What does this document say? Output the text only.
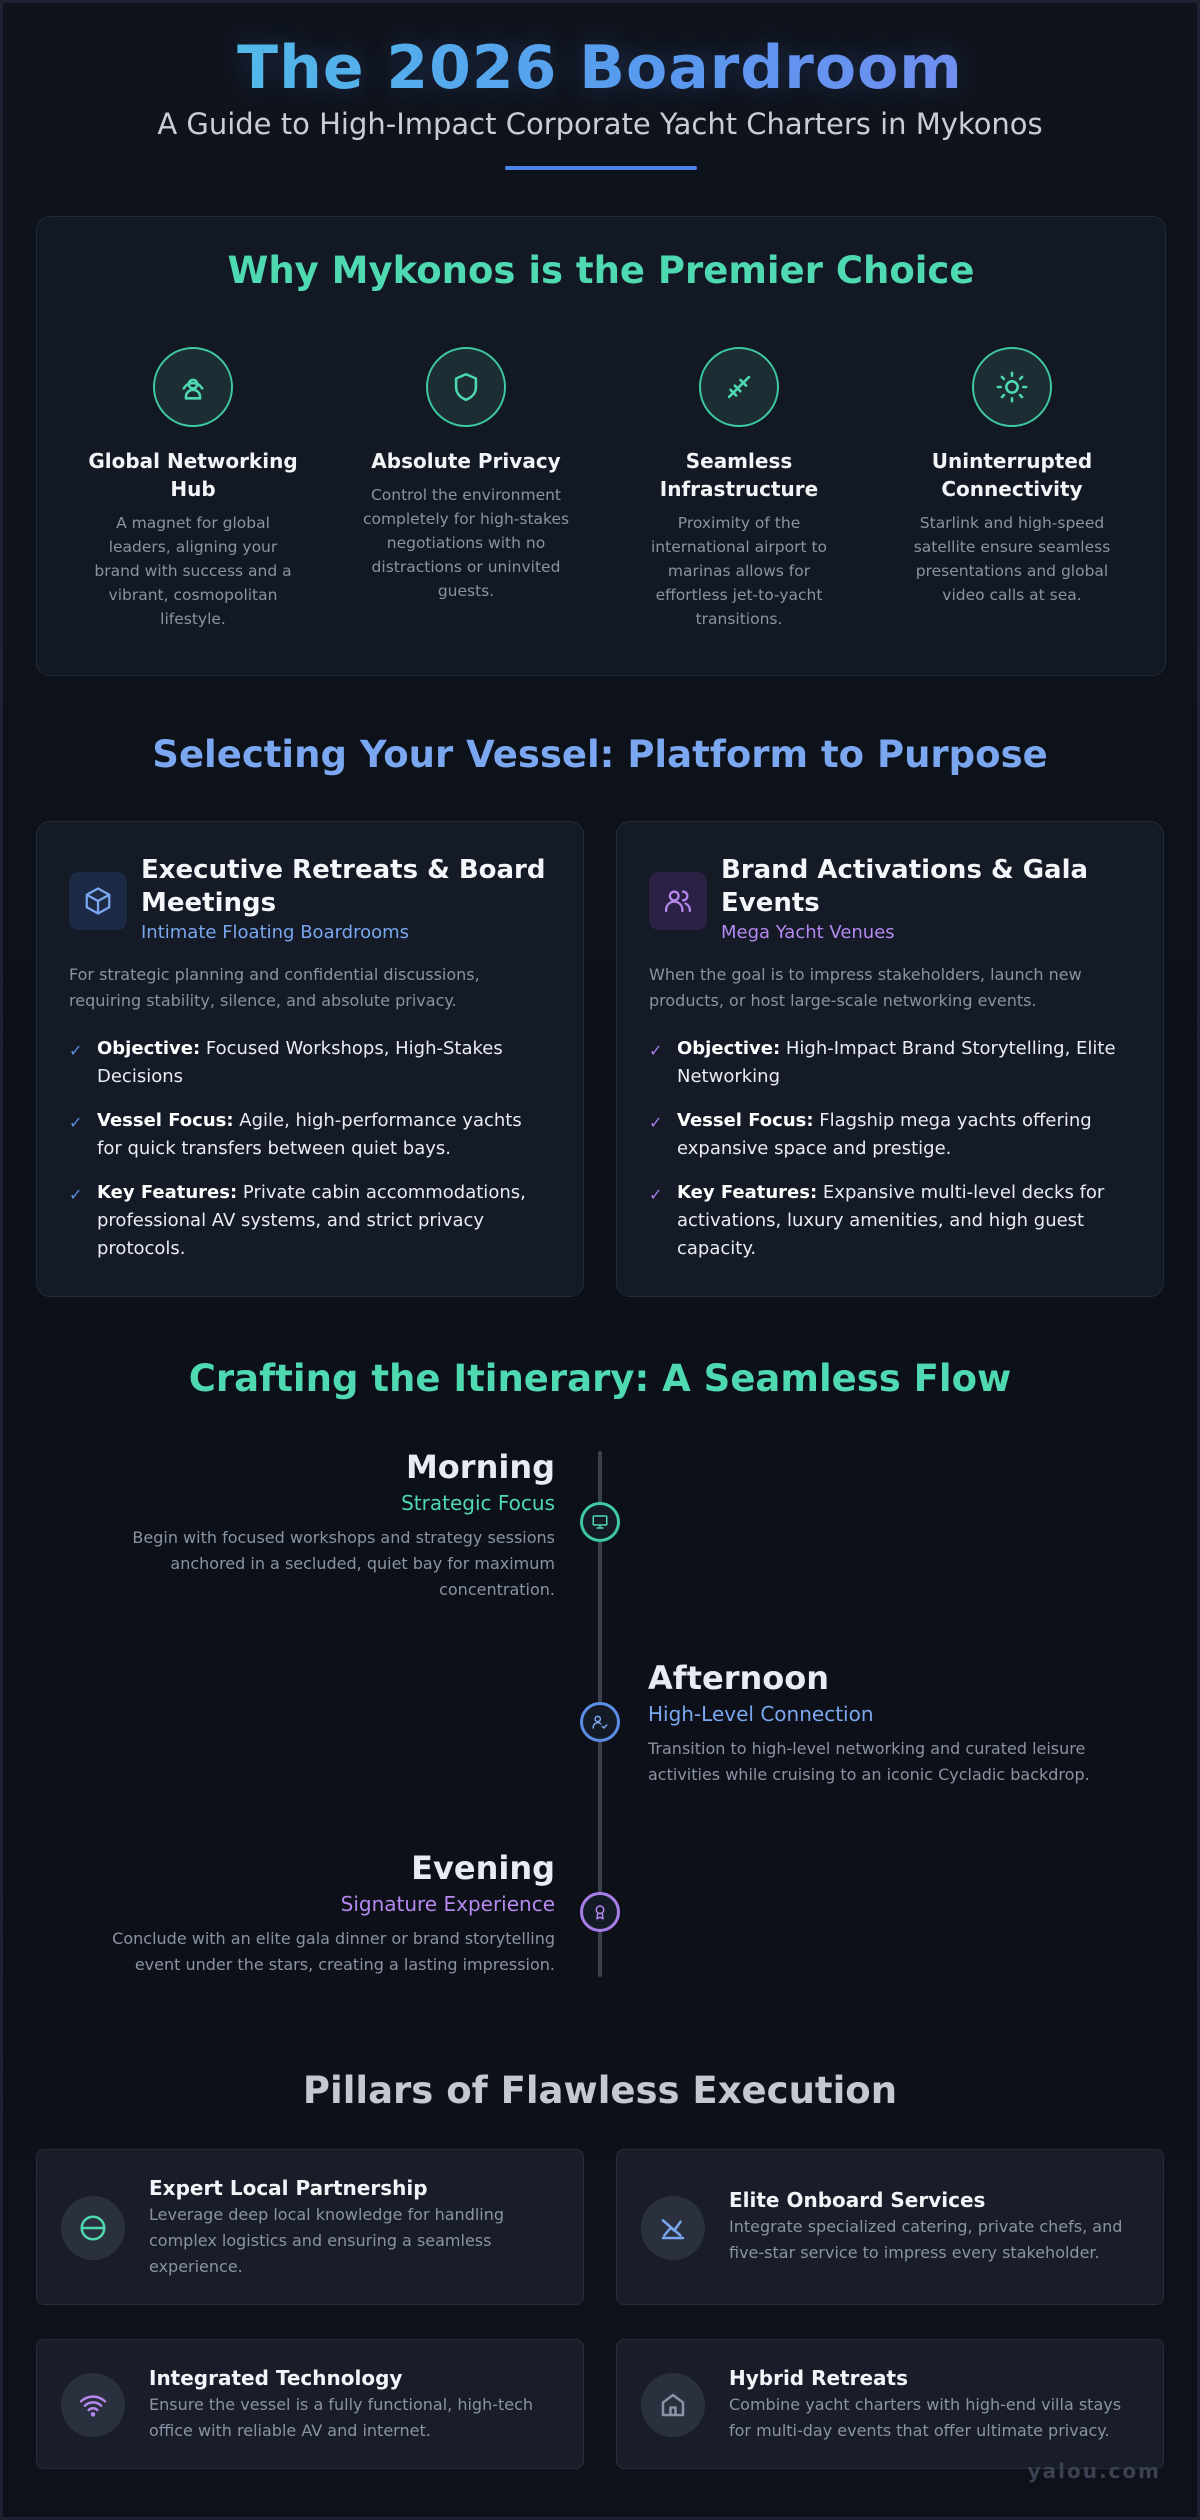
The 2026 Boardroom
A Guide to High-Impact Corporate Yacht Charters in Mykonos
Why Mykonos is the Premier Choice
Global Networking Hub
A magnet for global leaders, aligning your brand with success and a vibrant, cosmopolitan lifestyle.
Absolute Privacy
Control the environment completely for high-stakes negotiations with no distractions or uninvited guests.
Seamless Infrastructure
Proximity of the international airport to marinas allows for effortless jet-to-yacht transitions.
Uninterrupted Connectivity
Starlink and high-speed satellite ensure seamless presentations and global video calls at sea.
Selecting Your Vessel: Platform to Purpose
Executive Retreats & Board Meetings
Intimate Floating Boardrooms
For strategic planning and confidential discussions, requiring stability, silence, and absolute privacy.
✓ Objective: Focused Workshops, High-Stakes Decisions
✓ Vessel Focus: Agile, high-performance yachts for quick transfers between quiet bays.
✓ Key Features: Private cabin accommodations, professional AV systems, and strict privacy protocols.
Brand Activations & Gala Events
Mega Yacht Venues
When the goal is to impress stakeholders, launch new products, or host large-scale networking events.
✓ Objective: High-Impact Brand Storytelling, Elite Networking
✓ Vessel Focus: Flagship mega yachts offering expansive space and prestige.
✓ Key Features: Expansive multi-level decks for activations, luxury amenities, and high guest capacity.
Crafting the Itinerary: A Seamless Flow
Morning
Strategic Focus
Begin with focused workshops and strategy sessions anchored in a secluded, quiet bay for maximum concentration.
Afternoon
High-Level Connection
Transition to high-level networking and curated leisure activities while cruising to an iconic Cycladic backdrop.
Evening
Signature Experience
Conclude with an elite gala dinner or brand storytelling event under the stars, creating a lasting impression.
Pillars of Flawless Execution
Expert Local Partnership
Leverage deep local knowledge for handling complex logistics and ensuring a seamless experience.
Elite Onboard Services
Integrate specialized catering, private chefs, and five-star service to impress every stakeholder.
Integrated Technology
Ensure the vessel is a fully functional, high-tech office with reliable AV and internet.
Hybrid Retreats
Combine yacht charters with high-end villa stays for multi-day events that offer ultimate privacy.
yalou.com
